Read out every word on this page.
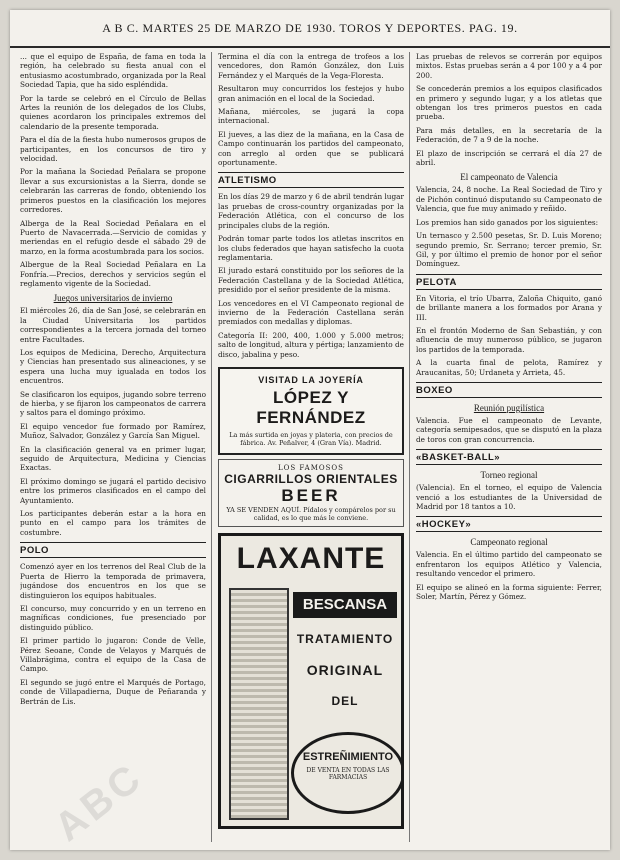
A B C. MARTES 25 DE MARZO DE 1930. TOROS Y DEPORTES. PAG. 19.

... que el equipo de España, de fama en toda la región, ha celebrado su fiesta anual con el entusiasmo acostumbrado, organizada por la Real Sociedad Tapia, que ha sido espléndida.

Por la tarde se celebró en el Círculo de Bellas Artes la reunión de los delegados de los Clubs, quienes acordaron los principales extremos del calendario de la presente temporada.

Para el día de la fiesta hubo numerosos grupos de participantes, en los concursos de tiro y velocidad.

Por la mañana la Sociedad Peñalara se propone llevar a sus excursionistas a la Sierra, donde se celebrarán las carreras de fondo, obteniendo los primeros puestos en la clasificación los mejores corredores.

Alberga de la Real Sociedad Peñalara en el Puerto de Navacerrada.—Servicio de comidas y meriendas en el refugio desde el sábado 29 de marzo, en la forma acostumbrada para los socios.

Albergue de la Real Sociedad Peñalara en La Fonfría.—Precios, derechos y servicios según el reglamento vigente de la Sociedad.

Juegos universitarios de invierno

El miércoles 26, día de San José, se celebrarán en la Ciudad Universitaria los partidos correspondientes a la tercera jornada del torneo entre Facultades.

Los equipos de Medicina, Derecho, Arquitectura y Ciencias han presentado sus alineaciones, y se espera una lucha muy igualada en todos los encuentros.

Se clasificaron los equipos, jugando sobre terreno de hierba, y se fijaron los campeonatos de carrera y saltos para el domingo próximo.

El equipo vencedor fue formado por Ramírez, Muñoz, Salvador, González y García San Miguel.

En la clasificación general va en primer lugar, seguido de Arquitectura, Medicina y Ciencias Exactas.

El próximo domingo se jugará el partido decisivo entre los primeros clasificados en el campo del Ayuntamiento.

Los participantes deberán estar a la hora en punto en el campo para los trámites de costumbre.

POLO

Comenzó ayer en los terrenos del Real Club de la Puerta de Hierro la temporada de primavera, jugándose dos encuentros en los que se distinguieron los equipos habituales.

El concurso, muy concurrido y en un terreno en magníficas condiciones, fue presenciado por distinguido público.

El primer partido lo jugaron: Conde de Velle, Pérez Seoane, Conde de Velayos y Marqués de Villabrágima, contra el equipo de la Casa de Campo.

El segundo se jugó entre el Marqués de Portago, conde de Villapadierna, Duque de Peñaranda y Bertrán de Lis.

Termina el día con la entrega de trofeos a los vencedores, don Ramón González, don Luis Fernández y el Marqués de la Vega-Floresta.

Resultaron muy concurridos los festejos y hubo gran animación en el local de la Sociedad.

Mañana, miércoles, se jugará la copa internacional.

El jueves, a las diez de la mañana, en la Casa de Campo continuarán los partidos del campeonato, con arreglo al orden que se publicará oportunamente.

ATLETISMO

En los días 29 de marzo y 6 de abril tendrán lugar las pruebas de cross-country organizadas por la Federación Atlética, con el concurso de los principales clubs de la región.

Podrán tomar parte todos los atletas inscritos en los clubs federados que hayan satisfecho la cuota reglamentaria.

El jurado estará constituido por los señores de la Federación Castellana y de la Sociedad Atlética, presidido por el señor presidente de la misma.

Los vencedores en el VI Campeonato regional de invierno de la Federación Castellana serán premiados con medallas y diplomas.

Categoría II: 200, 400, 1.000 y 5.000 metros; salto de longitud, altura y pértiga; lanzamiento de disco, jabalina y peso.

VISITAD LA JOYERÍA
LÓPEZ Y FERNÁNDEZ
La más surtida en joyas y plateria, con precios de fábrica. Av. Peñalver, 4 (Gran Vía). Madrid.
LOS FAMOSOS
CIGARRILLOS ORIENTALES
BEER
YA SE VENDEN AQUÍ. Pídalos y compárelos por su calidad, es lo que más le conviene.
LAXANTE
BESCANSA
TRATAMIENTO
ORIGINAL
DEL
ESTREÑIMIENTO
DE VENTA EN TODAS LAS FARMACIAS

Las pruebas de relevos se correrán por equipos mixtos. Estas pruebas serán a 4 por 100 y a 4 por 200.

Se concederán premios a los equipos clasificados en primero y segundo lugar, y a los atletas que obtengan los tres primeros puestos en cada prueba.

Para más detalles, en la secretaría de la Federación, de 7 a 9 de la noche.

El plazo de inscripción se cerrará el día 27 de abril.

El campeonato de Valencia

Valencia, 24, 8 noche. La Real Sociedad de Tiro y de Pichón continuó disputando su Campeonato de Valencia, que fue muy animado y reñido.

Los premios han sido ganados por los siguientes:

Un ternasco y 2.500 pesetas, Sr. D. Luis Moreno; segundo premio, Sr. Serrano; tercer premio, Sr. Gil, y por último el premio de honor por el señor Domínguez.

PELOTA

En Vitoria, el trío Ubarra, Zaloña Chiquito, ganó de brillante manera a los formados por Arana y III.

En el frontón Moderno de San Sebastián, y con afluencia de muy numeroso público, se jugaron los partidos de la temporada.

A la cuarta final de pelota, Ramírez y Araucanitas, 50; Urdaneta y Arrieta, 45.

BOXEO
Reunión pugilística

Valencia. Fue el campeonato de Levante, categoría semipesados, que se disputó en la plaza de toros con gran concurrencia.

«BASKET-BALL»
Torneo regional

(Valencia). En el torneo, el equipo de Valencia venció a los estudiantes de la Universidad de Madrid por 18 tantos a 10.

«HOCKEY»
Campeonato regional

Valencia. En el último partido del campeonato se enfrentaron los equipos Atlético y Valencia, resultando vencedor el primero.

El equipo se alineó en la forma siguiente: Ferrer, Soler, Martín, Pérez y Gómez.

ABC
